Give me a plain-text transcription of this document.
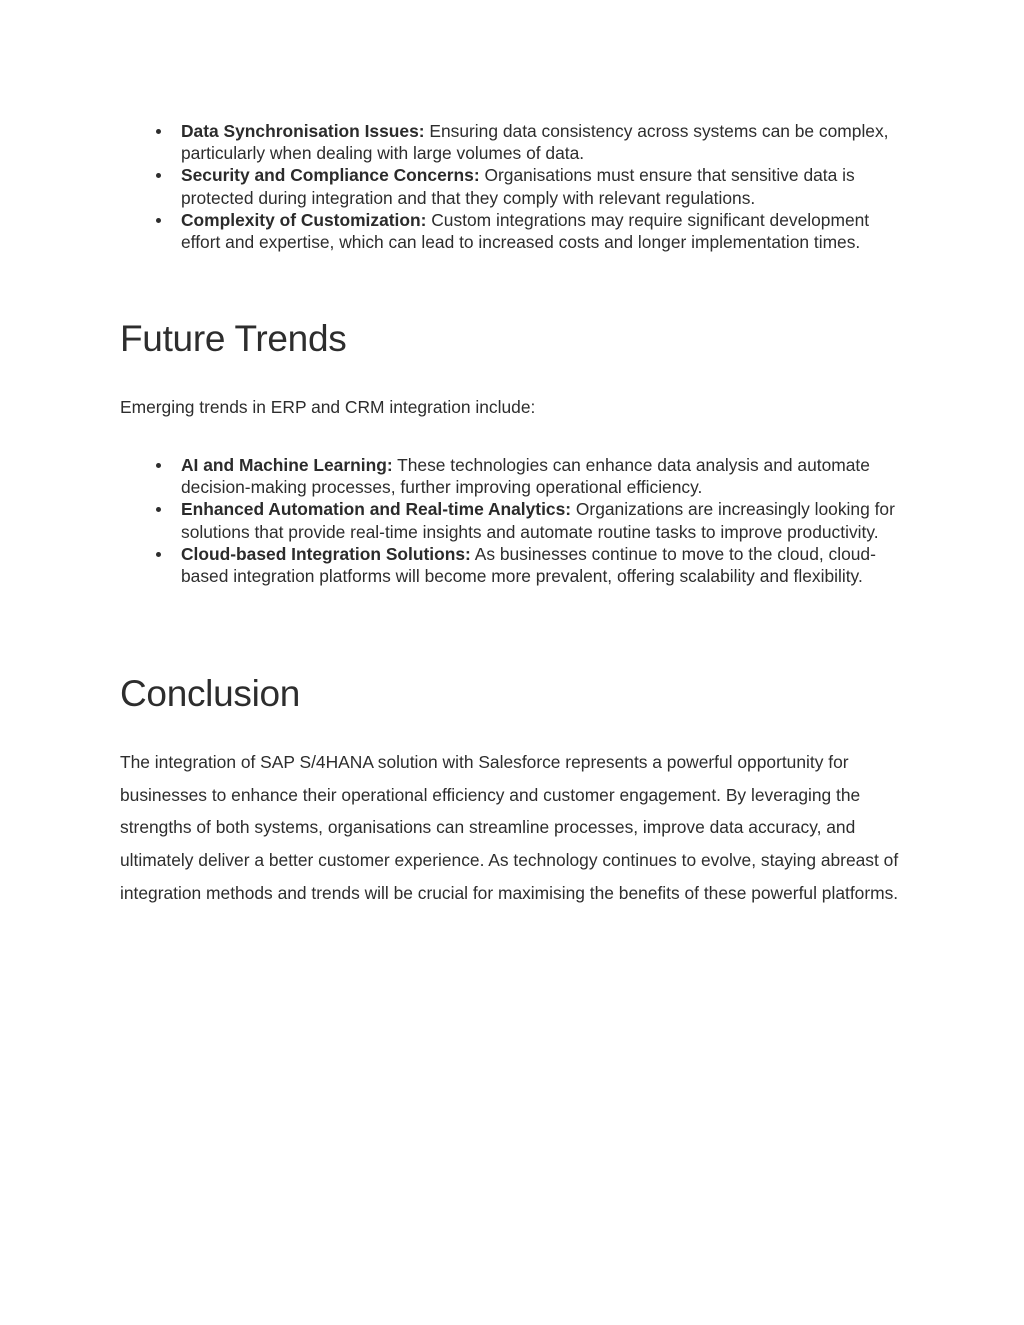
Data Synchronisation Issues: Ensuring data consistency across systems can be complex, particularly when dealing with large volumes of data.
Security and Compliance Concerns: Organisations must ensure that sensitive data is protected during integration and that they comply with relevant regulations.
Complexity of Customization: Custom integrations may require significant development effort and expertise, which can lead to increased costs and longer implementation times.
Future Trends

Emerging trends in ERP and CRM integration include:

AI and Machine Learning: These technologies can enhance data analysis and automate decision-making processes, further improving operational efficiency.
Enhanced Automation and Real-time Analytics: Organizations are increasingly looking for solutions that provide real-time insights and automate routine tasks to improve productivity.
Cloud-based Integration Solutions: As businesses continue to move to the cloud, cloud-based integration platforms will become more prevalent, offering scalability and flexibility.
Conclusion

The integration of SAP S/4HANA solution with Salesforce represents a powerful opportunity for businesses to enhance their operational efficiency and customer engagement. By leveraging the strengths of both systems, organisations can streamline processes, improve data accuracy, and ultimately deliver a better customer experience. As technology continues to evolve, staying abreast of integration methods and trends will be crucial for maximising the benefits of these powerful platforms.
